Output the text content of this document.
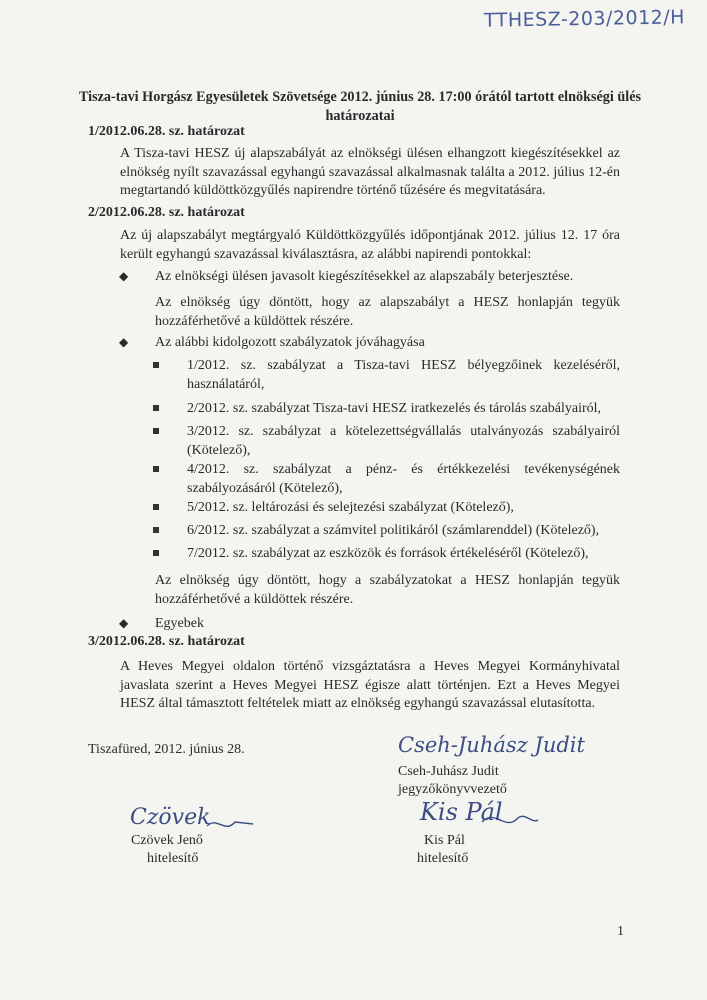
TTHESZ-203/2012/H
Tisza-tavi Horgász Egyesületek Szövetsége 2012. június 28. 17:00 órától tartott elnökségi ülés határozatai
1/2012.06.28. sz. határozat
A Tisza-tavi HESZ új alapszabályát az elnökségi ülésen elhangzott kiegészítésekkel az elnökség nyílt szavazással egyhangú szavazással alkalmasnak találta a 2012. július 12-én megtartandó küldöttközgyűlés napirendre történő tűzésére és megvitatására.
2/2012.06.28. sz. határozat
Az új alapszabályt megtárgyaló Küldöttközgyűlés időpontjának 2012. július 12. 17 óra került egyhangú szavazással kiválasztásra, az alábbi napirendi pontokkal:
◆ Az elnökségi ülésen javasolt kiegészítésekkel az alapszabály beterjesztése.
Az elnökség úgy döntött, hogy az alapszabályt a HESZ honlapján tegyük hozzáférhetővé a küldöttek részére.
◆ Az alábbi kidolgozott szabályzatok jóváhagyása
1/2012. sz. szabályzat a Tisza-tavi HESZ bélyegzőinek kezeléséről, használatáról,
2/2012. sz. szabályzat Tisza-tavi HESZ iratkezelés és tárolás szabályairól,
3/2012. sz. szabályzat a kötelezettségvállalás utalványozás szabályairól (Kötelező),
4/2012. sz. szabályzat a pénz- és értékkezelési tevékenységének szabályozásáról (Kötelező),
5/2012. sz. leltározási és selejtezési szabályzat (Kötelező),
6/2012. sz. szabályzat a számvitel politikáról (számlarenddel) (Kötelező),
7/2012. sz. szabályzat az eszközök és források értékeléséről (Kötelező),
Az elnökség úgy döntött, hogy a szabályzatokat a HESZ honlapján tegyük hozzáférhetővé a küldöttek részére.
◆ Egyebek
3/2012.06.28. sz. határozat
A Heves Megyei oldalon történő vizsgáztatásra a Heves Megyei Kormányhivatal javaslata szerint a Heves Megyei HESZ égisze alatt történjen. Ezt a Heves Megyei HESZ által támasztott feltételek miatt az elnökség egyhangú szavazással elutasította.
Tiszafüred, 2012. június 28.	Cseh-Juhász Judit
Cseh-Juhász Judit
jegyzőkönyvvezető
Czövek
Czövek Jenő
hitelesítő
Kis Pál
Kis Pál
hitelesítő
1
